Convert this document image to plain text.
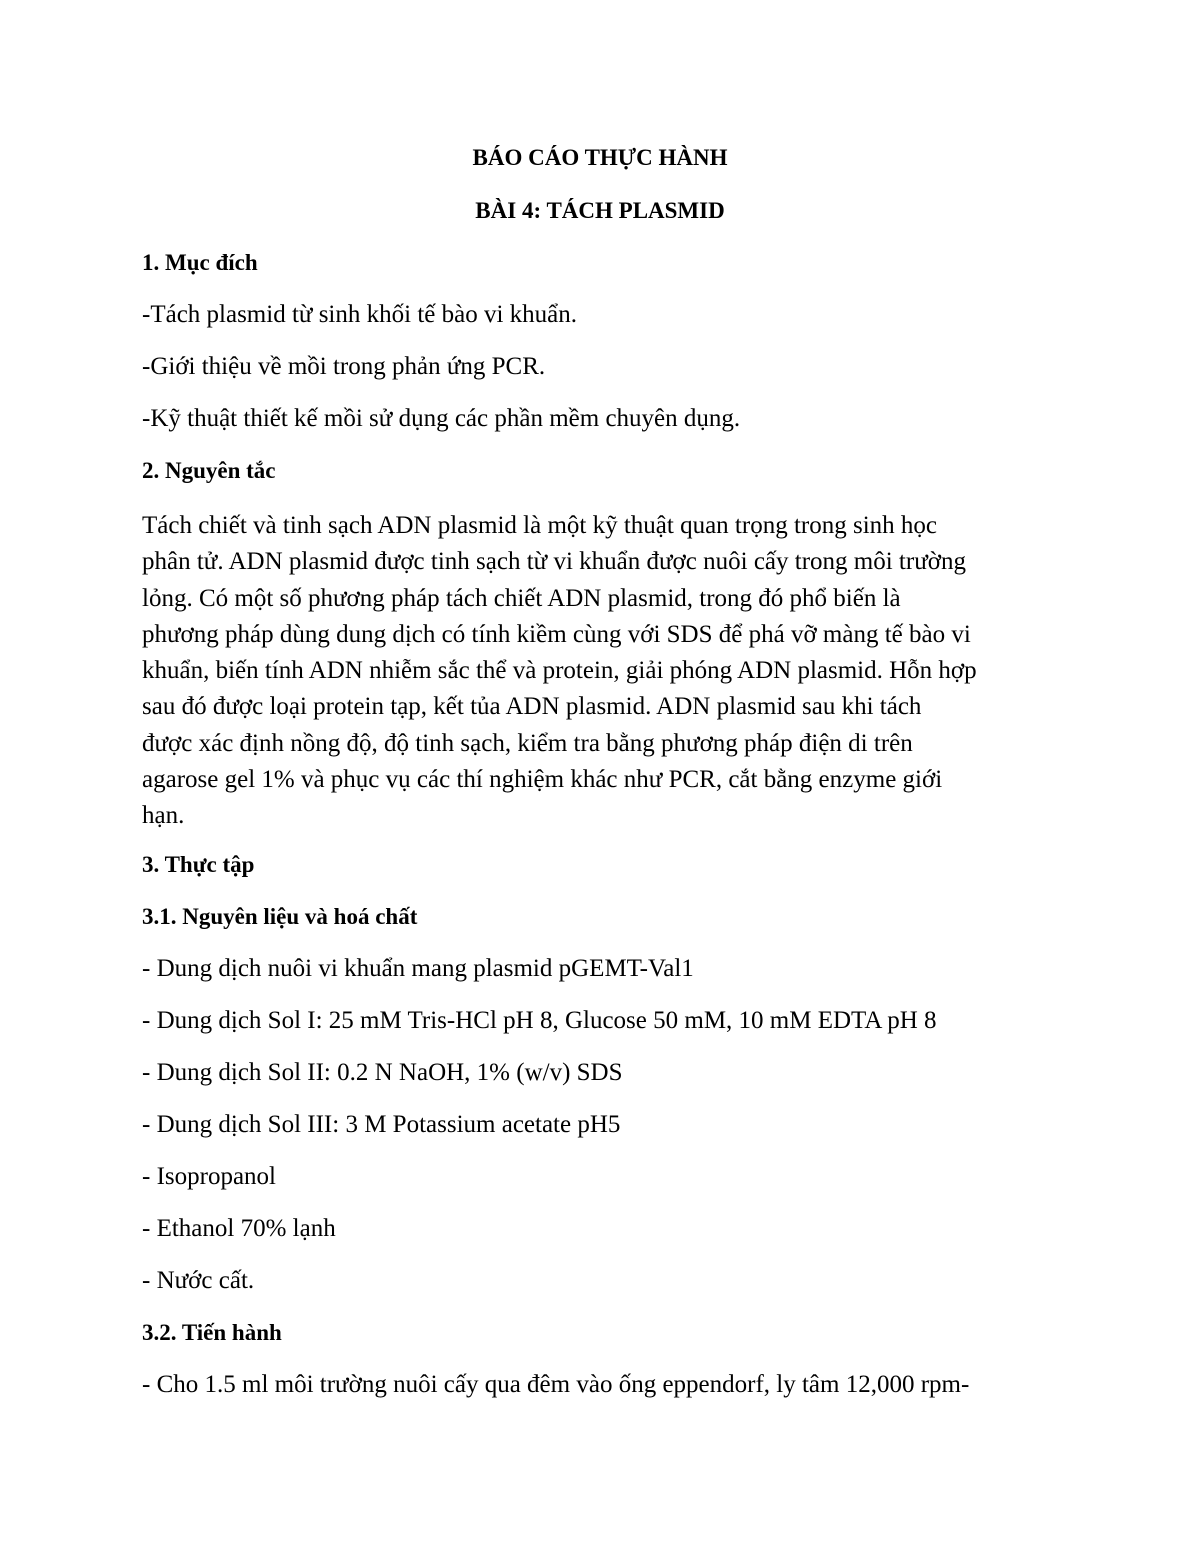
BÁO CÁO THỰC HÀNH
BÀI 4: TÁCH PLASMID
1. Mục đích
-Tách plasmid từ sinh khối tế bào vi khuẩn.
-Giới thiệu về mồi trong phản ứng PCR.
-Kỹ thuật thiết kế mồi sử dụng các phần mềm chuyên dụng.
2. Nguyên tắc
Tách chiết và tinh sạch ADN plasmid là một kỹ thuật quan trọng trong sinh học
phân tử. ADN plasmid được tinh sạch từ vi khuẩn được nuôi cấy trong môi trường
lỏng. Có một số phương pháp tách chiết ADN plasmid, trong đó phổ biến là
phương pháp dùng dung dịch có tính kiềm cùng với SDS để phá vỡ màng tế bào vi
khuẩn, biến tính ADN nhiễm sắc thể và protein, giải phóng ADN plasmid. Hỗn hợp
sau đó được loại protein tạp, kết tủa ADN plasmid. ADN plasmid sau khi tách
được xác định nồng độ, độ tinh sạch, kiểm tra bằng phương pháp điện di trên
agarose gel 1% và phục vụ các thí nghiệm khác như PCR, cắt bằng enzyme giới
hạn.
3. Thực tập
3.1. Nguyên liệu và hoá chất
- Dung dịch nuôi vi khuẩn mang plasmid pGEMT-Val1
- Dung dịch Sol I: 25 mM Tris-HCl pH 8, Glucose 50 mM, 10 mM EDTA pH 8
- Dung dịch Sol II: 0.2 N NaOH, 1% (w/v) SDS
- Dung dịch Sol III: 3 M Potassium acetate pH5
- Isopropanol
- Ethanol 70% lạnh
- Nước cất.
3.2. Tiến hành
- Cho 1.5 ml môi trường nuôi cấy qua đêm vào ống eppendorf, ly tâm 12,000 rpm-
